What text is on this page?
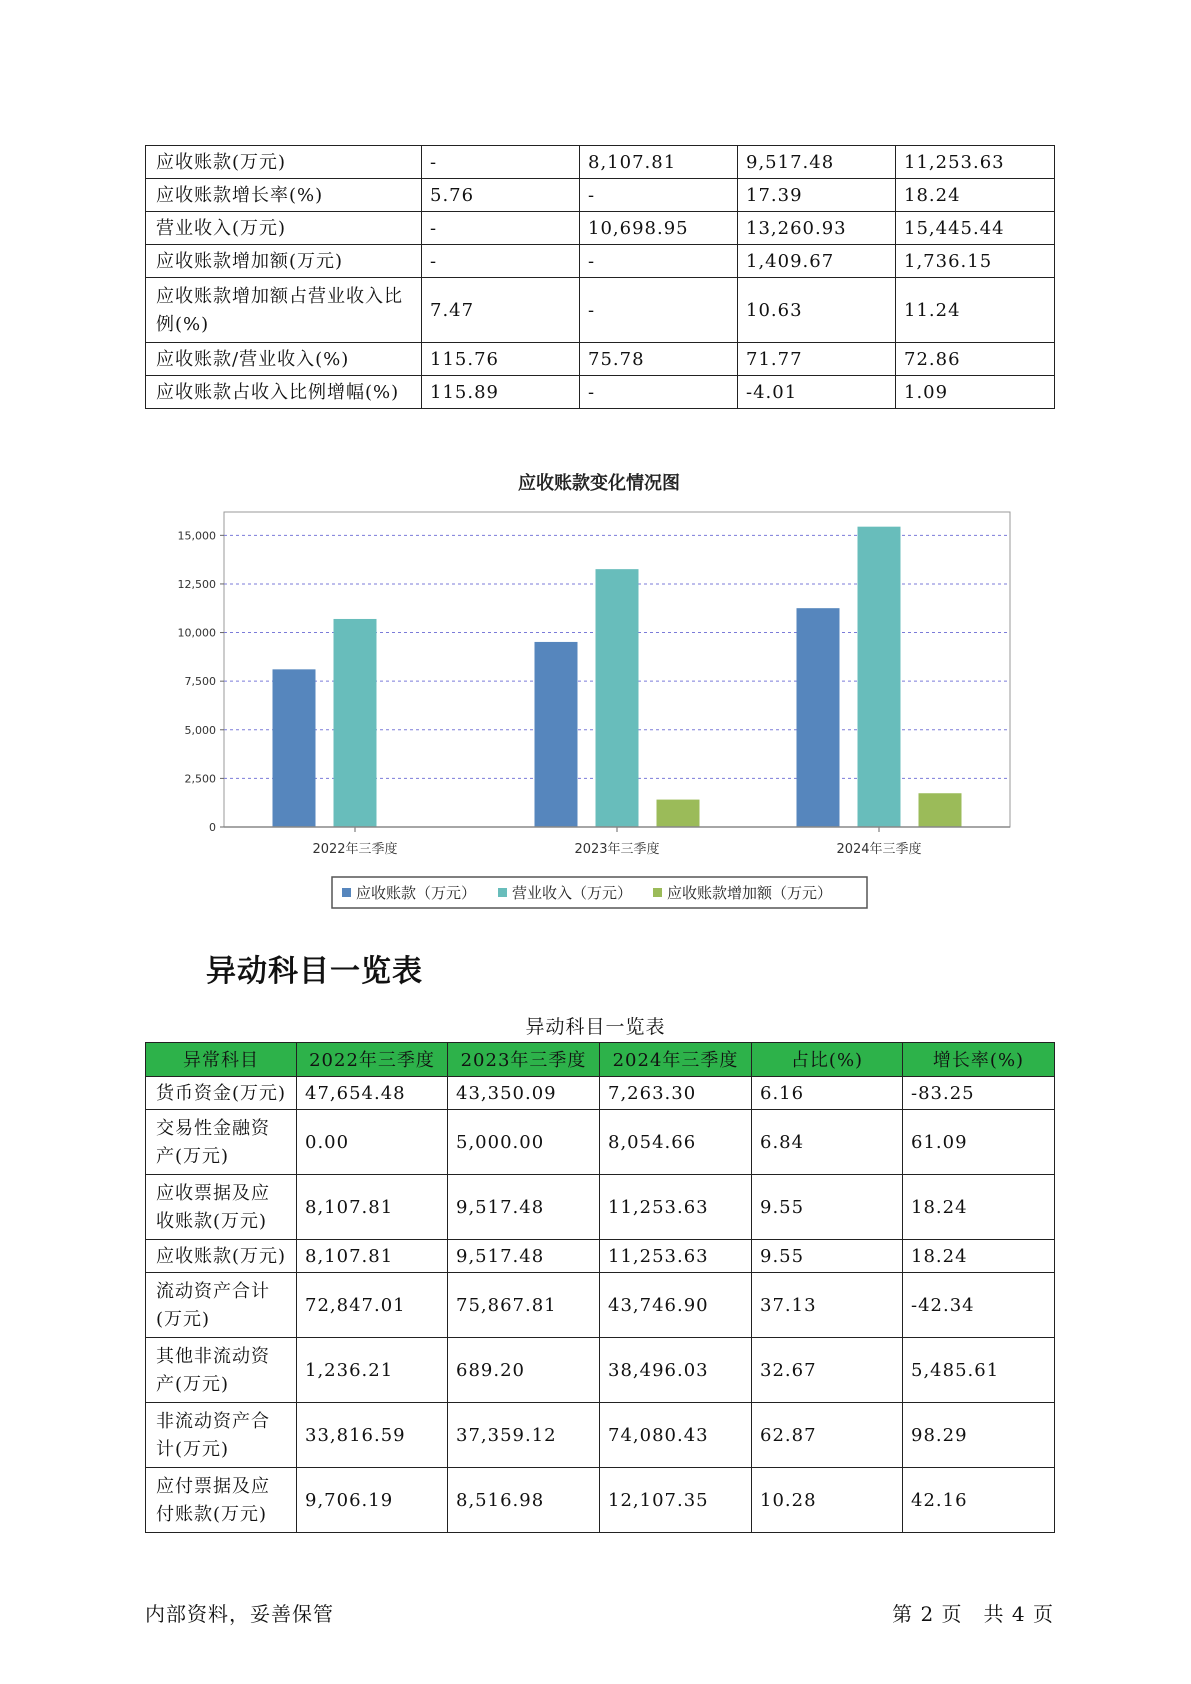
应收账款(万元)	-	8,107.81	9,517.48	11,253.63
应收账款增长率(%)	5.76	-	17.39	18.24
营业收入(万元)	-	10,698.95	13,260.93	15,445.44
应收账款增加额(万元)	-	-	1,409.67	1,736.15
应收账款增加额占营业收入比例(%)	7.47	-	10.63	11.24
应收账款/营业收入(%)	115.76	75.78	71.77	72.86
应收账款占收入比例增幅(%)	115.89	-	-4.01	1.09
应收账款变化情况图
0
2,500
5,000
7,500
10,000
12,500
15,000
2022年三季度	2023年三季度	2024年三季度
应收账款（万元） 营业收入（万元） 应收账款增加额（万元）
异动科目一览表
异动科目一览表
异常科目	2022年三季度	2023年三季度	2024年三季度	占比(%)	增长率(%)
货币资金(万元)	47,654.48	43,350.09	7,263.30	6.16	-83.25
交易性金融资产(万元)	0.00	5,000.00	8,054.66	6.84	61.09
应收票据及应收账款(万元)	8,107.81	9,517.48	11,253.63	9.55	18.24
应收账款(万元)	8,107.81	9,517.48	11,253.63	9.55	18.24
流动资产合计(万元)	72,847.01	75,867.81	43,746.90	37.13	-42.34
其他非流动资产(万元)	1,236.21	689.20	38,496.03	32.67	5,485.61
非流动资产合计(万元)	33,816.59	37,359.12	74,080.43	62.87	98.29
应付票据及应付账款(万元)	9,706.19	8,516.98	12,107.35	10.28	42.16
内部资料，妥善保管	第 2 页　共 4 页
